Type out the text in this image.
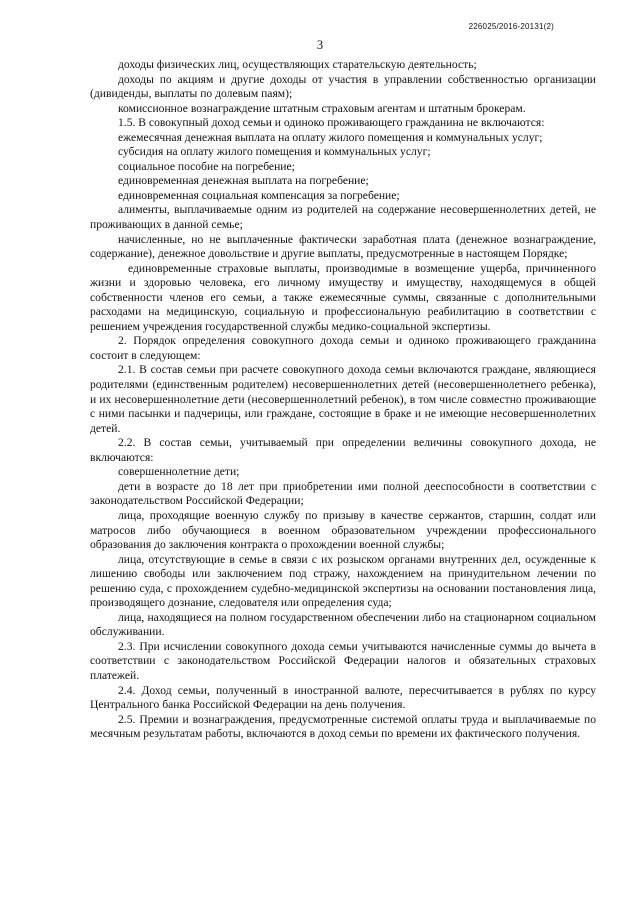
226025/2016-20131(2)
3

доходы физических лиц, осуществляющих старательскую деятельность;

доходы по акциям и другие доходы от участия в управлении собственностью организации (дивиденды, выплаты по долевым паям);

комиссионное вознаграждение штатным страховым агентам и штатным брокерам.

1.5. В совокупный доход семьи и одиноко проживающего гражданина не включаются:

ежемесячная денежная выплата на оплату жилого помещения и коммунальных услуг;

субсидия на оплату жилого помещения и коммунальных услуг;

социальное пособие на погребение;

единовременная денежная выплата на погребение;

единовременная социальная компенсация за погребение;

алименты, выплачиваемые одним из родителей на содержание несовершеннолетних детей, не проживающих в данной семье;

начисленные, но не выплаченные фактически заработная плата (денежное вознаграждение, содержание), денежное довольствие и другие выплаты, предусмотренные в настоящем Порядке;

единовременные страховые выплаты, производимые в возмещение ущерба, причиненного жизни и здоровью человека, его личному имуществу и имуществу, находящемуся в общей собственности членов его семьи, а также ежемесячные суммы, связанные с дополнительными расходами на медицинскую, социальную и профессиональную реабилитацию в соответствии с решением учреждения государственной службы медико-социальной экспертизы.

2. Порядок определения совокупного дохода семьи и одиноко проживающего гражданина состоит в следующем:

2.1. В состав семьи при расчете совокупного дохода семьи включаются граждане, являющиеся родителями (единственным родителем) несовершеннолетних детей (несовершеннолетнего ребенка), и их несовершеннолетние дети (несовершеннолетний ребенок), в том числе совместно проживающие с ними пасынки и падчерицы, или граждане, состоящие в браке и не имеющие несовершеннолетних детей.

2.2. В состав семьи, учитываемый при определении величины совокупного дохода, не включаются:

совершеннолетние дети;

дети в возрасте до 18 лет при приобретении ими полной дееспособности в соответствии с законодательством Российской Федерации;

лица, проходящие военную службу по призыву в качестве сержантов, старшин, солдат или матросов либо обучающиеся в военном образовательном учреждении профессионального образования до заключения контракта о прохождении военной службы;

лица, отсутствующие в семье в связи с их розыском органами внутренних дел, осужденные к лишению свободы или заключением под стражу, нахождением на принудительном лечении по решению суда, с прохождением судебно-медицинской экспертизы на основании постановления лица, производящего дознание, следователя или определения суда;

лица, находящиеся на полном государственном обеспечении либо на стационарном социальном обслуживании.

2.3. При исчислении совокупного дохода семьи учитываются начисленные суммы до вычета в соответствии с законодательством Российской Федерации налогов и обязательных страховых платежей.

2.4. Доход семьи, полученный в иностранной валюте, пересчитывается в рублях по курсу Центрального банка Российской Федерации на день получения.

2.5. Премии и вознаграждения, предусмотренные системой оплаты труда и выплачиваемые по месячным результатам работы, включаются в доход семьи по времени их фактического получения.
